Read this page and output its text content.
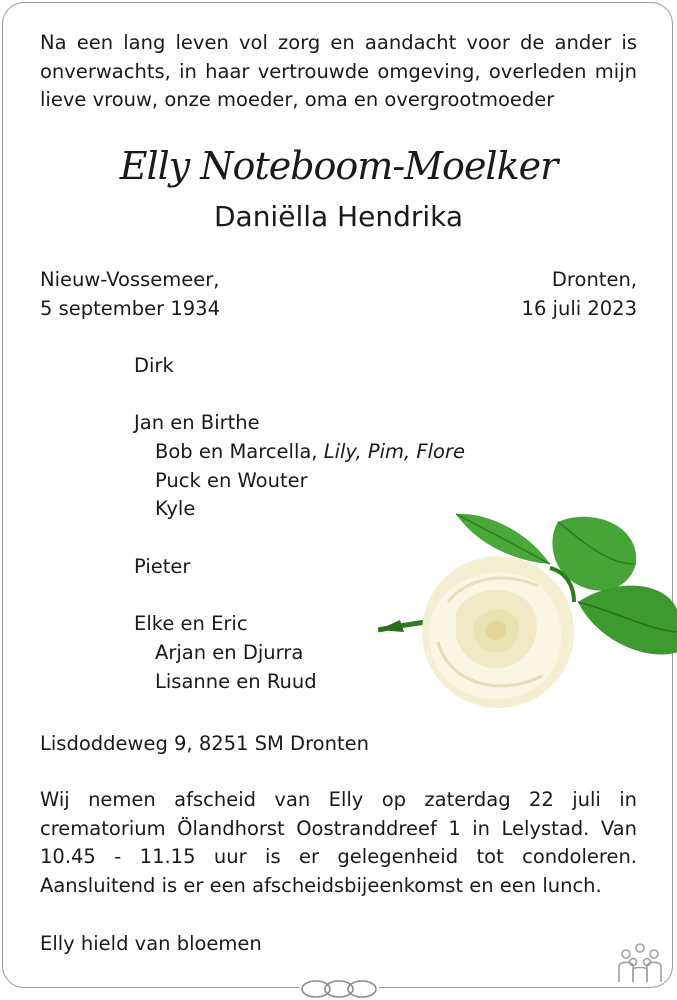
Na een lang leven vol zorg en aandacht voor de ander is onverwachts, in haar vertrouwde omgeving, overleden mijn lieve vrouw, onze moeder, oma en overgrootmoeder
Elly Noteboom-Moelker
Daniëlla Hendrika
Nieuw-Vossemeer,
5 september 1934
Dronten,
16 juli 2023
Dirk
Jan en Birthe
Bob en Marcella, Lily, Pim, Flore
Puck en Wouter
Kyle
Pieter
Elke en Eric
Arjan en Djurra
Lisanne en Ruud
Lisdoddeweg 9, 8251 SM Dronten
Wij nemen afscheid van Elly op zaterdag 22 juli in crematorium Ölandhorst Oostranddreef 1 in Lelystad. Van 10.45 - 11.15 uur is er gelegenheid tot condoleren. Aansluitend is er een afscheidsbijeenkomst en een lunch.
Elly hield van bloemen
